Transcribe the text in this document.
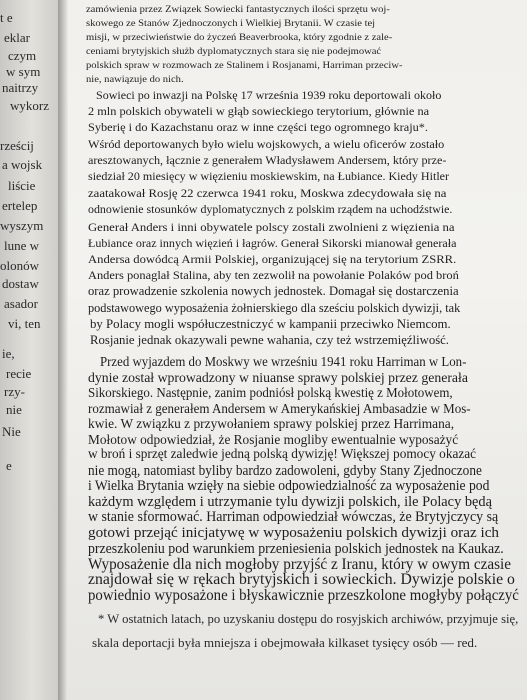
t e
eklar
czym
w sym
naitrzy
wykorz
rześcij
a wojsk
liście
ertelep
wyszym
lune w
olonów
dostaw
asador
vi, ten
ie,
recie
rzy-
nie
Nie
e
zamówienia przez Związek Sowiecki fantastycznych ilości sprzętu woj-
skowego ze Stanów Zjednoczonych i Wielkiej Brytanii. W czasie tej
misji, w przeciwieństwie do życzeń Beaverbrooka, który zgodnie z zale-
ceniami brytyjskich służb dyplomatycznych stara się nie podejmować
polskich spraw w rozmowach ze Stalinem i Rosjanami, Harriman przeciw-
nie, nawiązuje do nich.
Sowieci po inwazji na Polskę 17 września 1939 roku deportowali około
2 mln polskich obywateli w głąb sowieckiego terytorium, głównie na
Syberię i do Kazachstanu oraz w inne części tego ogromnego kraju*.
Wśród deportowanych było wielu wojskowych, a wielu oficerów zostało
aresztowanych, łącznie z generałem Władysławem Andersem, który prze-
siedział 20 miesięcy w więzieniu moskiewskim, na Łubiance. Kiedy Hitler
zaatakował Rosję 22 czerwca 1941 roku, Moskwa zdecydowała się na
odnowienie stosunków dyplomatycznych z polskim rządem na uchodźstwie.
Generał Anders i inni obywatele polscy zostali zwolnieni z więzienia na
Łubiance oraz innych więzień i łagrów. Generał Sikorski mianował generała
Andersa dowódcą Armii Polskiej, organizującej się na terytorium ZSRR.
Anders ponaglał Stalina, aby ten zezwolił na powołanie Polaków pod broń
oraz prowadzenie szkolenia nowych jednostek. Domagał się dostarczenia
podstawowego wyposażenia żołnierskiego dla sześciu polskich dywizji, tak
by Polacy mogli współuczestniczyć w kampanii przeciwko Niemcom.
Rosjanie jednak okazywali pewne wahania, czy też wstrzemięźliwość.
Przed wyjazdem do Moskwy we wrześniu 1941 roku Harriman w Lon-
dynie został wprowadzony w niuanse sprawy polskiej przez generała
Sikorskiego. Następnie, zanim podniósł polską kwestię z Mołotowem,
rozmawiał z generałem Andersem w Amerykańskiej Ambasadzie w Mos-
kwie. W związku z przywołaniem sprawy polskiej przez Harrimana,
Mołotow odpowiedział, że Rosjanie mogliby ewentualnie wyposażyć
w broń i sprzęt zaledwie jedną polską dywizję! Większej pomocy okazać
nie mogą, natomiast byliby bardzo zadowoleni, gdyby Stany Zjednoczone
i Wielka Brytania wzięły na siebie odpowiedzialność za wyposażenie pod
każdym względem i utrzymanie tylu dywizji polskich, ile Polacy będą
w stanie sformować. Harriman odpowiedział wówczas, że Brytyjczycy są
gotowi przejąć inicjatywę w wyposażeniu polskich dywizji oraz ich
przeszkoleniu pod warunkiem przeniesienia polskich jednostek na Kaukaz.
Wyposażenie dla nich mogłoby przyjść z Iranu, który w owym czasie
znajdował się w rękach brytyjskich i sowieckich. Dywizje polskie o
powiednio wyposażone i błyskawicznie przeszkolone mogłyby połączyć
* W ostatnich latach, po uzyskaniu dostępu do rosyjskich archiwów, przyjmuje się,
skala deportacji była mniejsza i obejmowała kilkaset tysięcy osób — red.
